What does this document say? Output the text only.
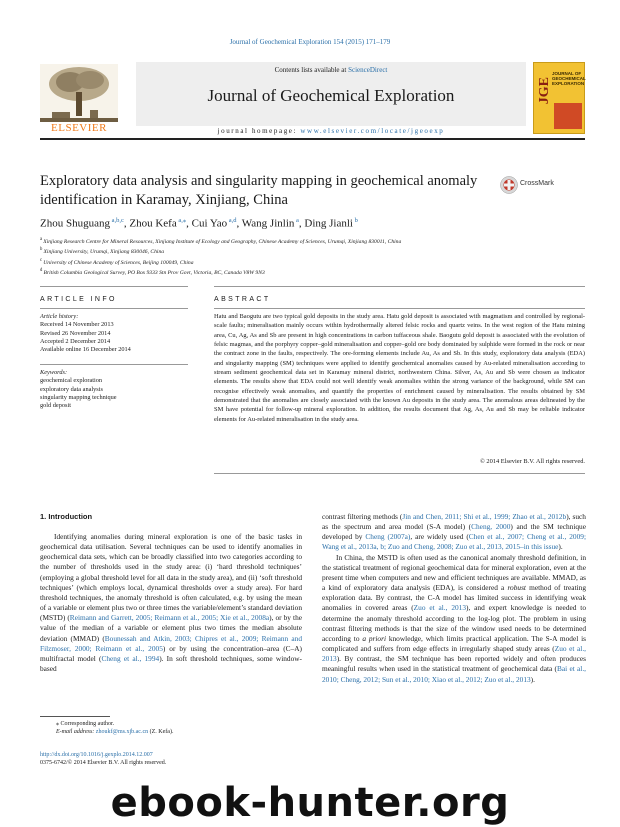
Journal of Geochemical Exploration 154 (2015) 171–179
Contents lists available at ScienceDirect
Journal of Geochemical Exploration
journal homepage: www.elsevier.com/locate/jgeoexp
ELSEVIER
JGE
JOURNAL OF GEOCHEMICAL EXPLORATION
Exploratory data analysis and singularity mapping in geochemical anomaly identification in Karamay, Xinjiang, China
CrossMark
Zhou Shuguang $^{a,b,c}$, Zhou Kefa $^{a,⁎}$, Cui Yao $^{a,d}$, Wang Jinlin $^a$, Ding Jianli $^b$
$^a$ Xinjiang Research Centre for Mineral Resources, Xinjiang Institute of Ecology and Geography, Chinese Academy of Sciences, Urumqi, Xinjiang 830011, China
$^b$ Xinjiang University, Urumqi, Xinjiang 830046, China
$^c$ University of Chinese Academy of Sciences, Beijing 100049, China
$^d$ British Columbia Geological Survey, PO Box 9333 Stn Prov Govt, Victoria, BC, Canada V8W 9N3
ARTICLE INFO	ABSTRACT
Article history:
Received 14 November 2013
Revised 26 November 2014
Accepted 2 December 2014
Available online 16 December 2014
Keywords:
geochemical exploration
exploratory data analysis
singularity mapping technique
gold deposit
Hatu and Baogutu are two typical gold deposits in the study area. Hatu gold deposit is associated with magmatism and controlled by regional-scale faults; mineralisation mainly occurs within hydrothermally altered felsic rocks and quartz veins. In the west region of the Hatu mining area, Cu, Ag, As and Sb are present in high concentrations in carbon tuffaceous shale. Baogutu gold deposit is associated with the evolution of felsic magmas, and the porphyry copper–gold mineralisation and copper–gold ore body dominated by sulphide were formed in the rock or near the contract zone in the faults, respectively. The ore-forming elements include Au, As and Sb. In this study, exploratory data analysis (EDA) and singularity mapping (SM) techniques were applied to identify geochemical anomalies caused by Au-related mineralisation according to stream sediment geochemical data set in Karamay mineral district, northwestern China. Silver, As, Au and Sb were chosen as indicator elements. The results show that EDA could not well identify weak anomalies within the strong variance of the background, while SM can recognise effectively weak anomalies, and quantify the properties of enrichment caused by mineralisation. The results obtained by SM demonstrated that the anomalies are closely associated with the known Au deposits in the study area. The anomalous areas delineated by the SM have potential for follow-up mineral exploration. In addition, the results document that Ag, As, Au and Sb may be reliable indicator elements for Au-related mineralisation in the study area.
© 2014 Elsevier B.V. All rights reserved.
1. Introduction

Identifying anomalies during mineral exploration is one of the basic tasks in geochemical data utilisation. Several techniques can be used to identify anomalies in geochemical data sets, which can be broadly classified into two categories according to the number of thresholds used in the study area: (i) ‘hard threshold techniques’ (employing a global threshold level for all data in the study area), and (ii) ‘soft threshold techniques’ (which employs local, dynamical thresholds over a study area). For hard threshold techniques, the anomaly threshold is often calculated, e.g. by using the mean of a variable or element plus two or three times the variable/element’s standard deviation (MSTD) (Reimann and Garrett, 2005; Reimann et al., 2005; Xie et al., 2008a), or by the value of the median of a variable or element plus two times the median absolute deviation (MMAD) (Bounessah and Atkin, 2003; Chipres et al., 2009; Reimann and Filzmoser, 2000; Reimann et al., 2005) or by using the concentration–area (C–A) multifractal model (Cheng et al., 1994). In soft threshold techniques, some window-based

contrast filtering methods (Jin and Chen, 2011; Shi et al., 1999; Zhao et al., 2012b), such as the spectrum and area model (S-A model) (Cheng, 2000) and the SM technique developed by Cheng (2007a), are widely used (Chen et al., 2007; Cheng et al., 2009; Wang et al., 2013a, b; Zuo and Cheng, 2008; Zuo et al., 2013, 2015–in this issue).

In China, the MSTD is often used as the canonical anomaly threshold definition, in the statistical treatment of regional geochemical data for mineral exploration, even at the present time when computers and new and efficient techniques are available. MMAD, as a kind of exploratory data analysis (EDA), is considered a robust method of treating exploration data. By contrast, the C-A model has limited success in identifying weak anomalies in covered areas (Zuo et al., 2013), and expert knowledge is needed to determine the anomaly threshold according to the log-log plot. The problem in using contrast filtering methods is that the size of the window used needs to be determined according to a priori knowledge, which limits practical application. The S-A model is complicated and suffers from edge effects in irregularly shaped study areas (Zuo et al., 2013). By contrast, the SM technique has been reported widely and often produces meaningful results when used in the statistical treatment of geochemical data (Bai et al., 2010; Cheng, 2012; Sun et al., 2010; Xiao et al., 2012; Zuo et al., 2013).

⁎ Corresponding author.
E-mail address: zhoukf@ms.xjb.ac.cn (Z. Kefa).
http://dx.doi.org/10.1016/j.gexplo.2014.12.007
0375-6742/© 2014 Elsevier B.V. All rights reserved.
ebook-hunter.org
